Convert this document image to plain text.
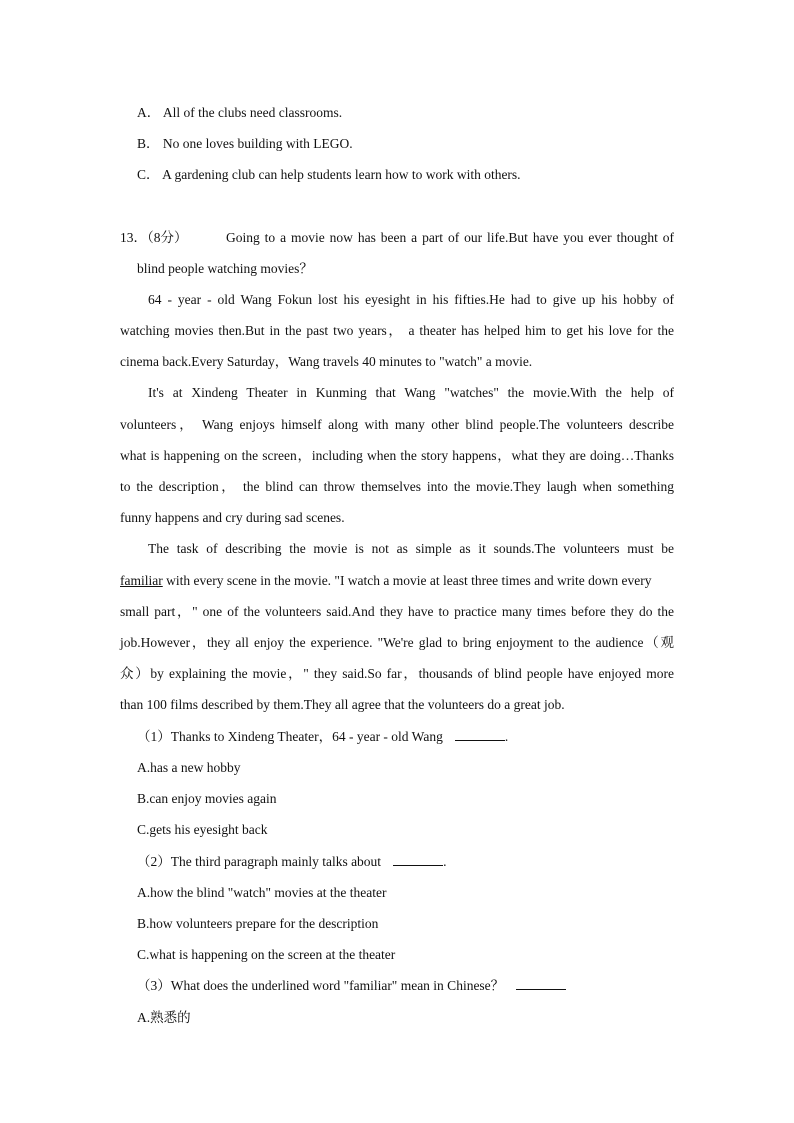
A． All of the clubs need classrooms.
B． No one loves building with LEGO.
C． A gardening club can help students learn how to work with others.
13．（8分）	Going to a movie now has been a part of our life.But have you ever thought of
blind people watching movies？
64 - year - old Wang Fokun lost his eyesight in his fifties.He had to give up his hobby of
watching movies then.But in the past two years， a theater has helped him to get his love for the
cinema back.Every Saturday，Wang travels 40 minutes to "watch" a movie.
It's at Xindeng Theater in Kunming that Wang "watches" the movie.With the help of
volunteers， Wang enjoys himself along with many other blind people.The volunteers describe
what is happening on the screen，including when the story happens，what they are doing…Thanks
to the description， the blind can throw themselves into the movie.They laugh when something
funny happens and cry during sad scenes.
The task of describing the movie is not as simple as it sounds.The volunteers must be
familiar with every scene in the movie. "I watch a movie at least three times and write down every
small part，" one of the volunteers said.And they have to practice many times before they do the
job.However，they all enjoy the experience. "We're glad to bring enjoyment to the audience（观
众）by explaining the movie，" they said.So far，thousands of blind people have enjoyed more
than 100 films described by them.They all agree that the volunteers do a great job.
（1）Thanks to Xindeng Theater，64 - year - old Wang	.
A.has a new hobby
B.can enjoy movies again
C.gets his eyesight back
（2）The third paragraph mainly talks about	.
A.how the blind "watch" movies at the theater
B.how volunteers prepare for the description
C.what is happening on the screen at the theater
（3）What does the underlined word "familiar" mean in Chinese？
A.熟悉的
